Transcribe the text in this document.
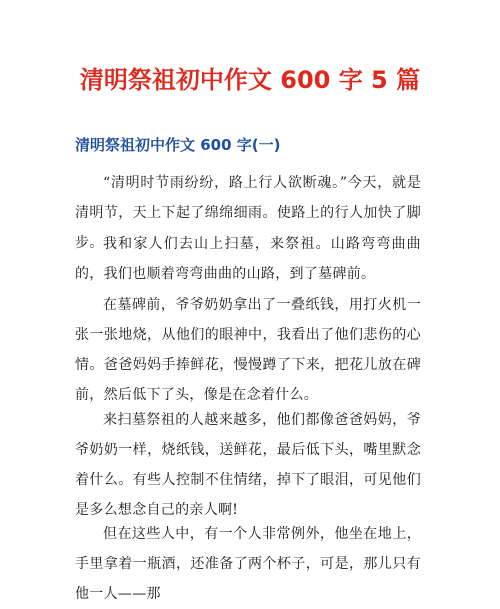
清明祭祖初中作文 600 字 5 篇
清明祭祖初中作文 600 字(一)

“清明时节雨纷纷，路上行人欲断魂。”今天，就是清明节，天上下起了绵绵细雨。使路上的行人加快了脚步。 我和家人们去山上扫墓，来祭祖。山路弯弯曲曲的，我们也顺着弯弯曲曲的山路，到了墓碑前。

在墓碑前，爷爷奶奶拿出了一叠纸钱，用打火机一张一张地烧，从他们的眼神中，我看出了他们悲伤的心情。爸爸妈妈手捧鲜花，慢慢蹲了下来，把花儿放在碑前，然后低下了头，像是在念着什么。

来扫墓祭祖的人越来越多，他们都像爸爸妈妈，爷爷奶奶一样，烧纸钱，送鲜花，最后低下头，嘴里默念着什么。有些人控制不住情绪，掉下了眼泪，可见他们是多么想念自己的亲人啊!

但在这些人中，有一个人非常例外，他坐在地上，手里拿着一瓶酒，还准备了两个杯子，可是，那儿只有他一人——那
